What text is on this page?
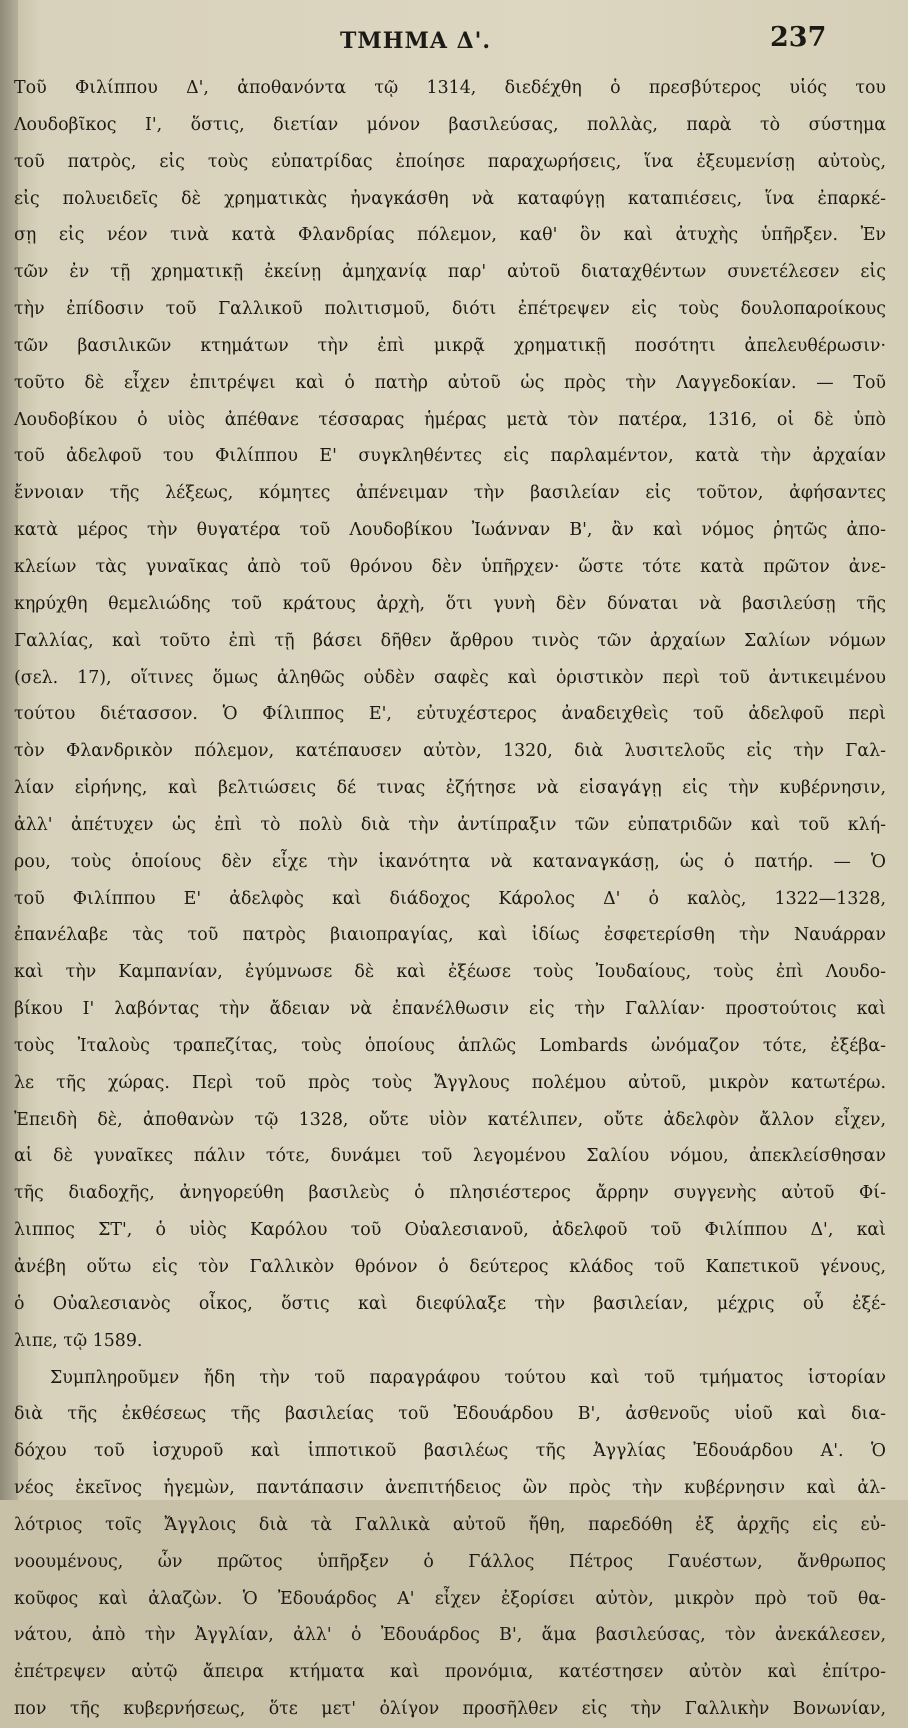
ΤΜΗΜΑ Δ'.	237
Τοῦ Φιλίππου Δ', ἀποθανόντα τῷ 1314, διεδέχθη ὁ πρεσβύτερος υἱός του
Λουδοβῖκος Ι', ὅστις, διετίαν μόνον βασιλεύσας, πολλὰς, παρὰ τὸ σύστημα
τοῦ πατρὸς, εἰς τοὺς εὐπατρίδας ἐποίησε παραχωρήσεις, ἵνα ἐξευμενίσῃ αὐτοὺς,
εἰς πολυειδεῖς δὲ χρηματικὰς ἠναγκάσθη νὰ καταφύγῃ καταπιέσεις, ἵνα ἐπαρκέ-
σῃ εἰς νέον τινὰ κατὰ Φλανδρίας πόλεμον, καθ' ὃν καὶ ἀτυχὴς ὑπῆρξεν. Ἐν
τῶν ἐν τῇ χρηματικῇ ἐκείνῃ ἀμηχανίᾳ παρ' αὐτοῦ διαταχθέντων συνετέλεσεν εἰς
τὴν ἐπίδοσιν τοῦ Γαλλικοῦ πολιτισμοῦ, διότι ἐπέτρεψεν εἰς τοὺς δουλοπαροίκους
τῶν βασιλικῶν κτημάτων τὴν ἐπὶ μικρᾷ χρηματικῇ ποσότητι ἀπελευθέρωσιν·
τοῦτο δὲ εἶχεν ἐπιτρέψει καὶ ὁ πατὴρ αὐτοῦ ὡς πρὸς τὴν Λαγγεδοκίαν. — Τοῦ
Λουδοβίκου ὁ υἱὸς ἀπέθανε τέσσαρας ἡμέρας μετὰ τὸν πατέρα, 1316, οἱ δὲ ὑπὸ
τοῦ ἀδελφοῦ του Φιλίππου Ε' συγκληθέντες εἰς παρλαμέντον, κατὰ τὴν ἀρχαίαν
ἔννοιαν τῆς λέξεως, κόμητες ἀπένειμαν τὴν βασιλείαν εἰς τοῦτον, ἀφήσαντες
κατὰ μέρος τὴν θυγατέρα τοῦ Λουδοβίκου Ἰωάνναν Β', ἂν καὶ νόμος ῥητῶς ἀπο-
κλείων τὰς γυναῖκας ἀπὸ τοῦ θρόνου δὲν ὑπῆρχεν· ὥστε τότε κατὰ πρῶτον ἀνε-
κηρύχθη θεμελιώδης τοῦ κράτους ἀρχὴ, ὅτι γυνὴ δὲν δύναται νὰ βασιλεύσῃ τῆς
Γαλλίας, καὶ τοῦτο ἐπὶ τῇ βάσει δῆθεν ἄρθρου τινὸς τῶν ἀρχαίων Σαλίων νόμων
(σελ. 17), οἵτινες ὅμως ἀληθῶς οὐδὲν σαφὲς καὶ ὁριστικὸν περὶ τοῦ ἀντικειμένου
τούτου διέτασσον. Ὁ Φίλιππος Ε', εὐτυχέστερος ἀναδειχθεὶς τοῦ ἀδελφοῦ περὶ
τὸν Φλανδρικὸν πόλεμον, κατέπαυσεν αὐτὸν, 1320, διὰ λυσιτελοῦς εἰς τὴν Γαλ-
λίαν εἰρήνης, καὶ βελτιώσεις δέ τινας ἐζήτησε νὰ εἰσαγάγῃ εἰς τὴν κυβέρνησιν,
ἀλλ' ἀπέτυχεν ὡς ἐπὶ τὸ πολὺ διὰ τὴν ἀντίπραξιν τῶν εὐπατριδῶν καὶ τοῦ κλή-
ρου, τοὺς ὁποίους δὲν εἶχε τὴν ἱκανότητα νὰ καταναγκάσῃ, ὡς ὁ πατήρ. — Ὁ
τοῦ Φιλίππου Ε' ἀδελφὸς καὶ διάδοχος Κάρολος Δ' ὁ καλὸς, 1322—1328,
ἐπανέλαβε τὰς τοῦ πατρὸς βιαιοπραγίας, καὶ ἰδίως ἐσφετερίσθη τὴν Ναυάρραν
καὶ τὴν Καμπανίαν, ἐγύμνωσε δὲ καὶ ἐξέωσε τοὺς Ἰουδαίους, τοὺς ἐπὶ Λουδο-
βίκου Ι' λαβόντας τὴν ἄδειαν νὰ ἐπανέλθωσιν εἰς τὴν Γαλλίαν· προστούτοις καὶ
τοὺς Ἰταλοὺς τραπεζίτας, τοὺς ὁποίους ἁπλῶς Lombards ὠνόμαζον τότε, ἐξέβα-
λε τῆς χώρας. Περὶ τοῦ πρὸς τοὺς Ἄγγλους πολέμου αὐτοῦ, μικρὸν κατωτέρω.
Ἐπειδὴ δὲ, ἀποθανὼν τῷ 1328, οὔτε υἱὸν κατέλιπεν, οὔτε ἀδελφὸν ἄλλον εἶχεν,
αἱ δὲ γυναῖκες πάλιν τότε, δυνάμει τοῦ λεγομένου Σαλίου νόμου, ἀπεκλείσθησαν
τῆς διαδοχῆς, ἀνηγορεύθη βασιλεὺς ὁ πλησιέστερος ἄρρην συγγενὴς αὐτοῦ Φί-
λιππος ΣΤ', ὁ υἱὸς Καρόλου τοῦ Οὐαλεσιανοῦ, ἀδελφοῦ τοῦ Φιλίππου Δ', καὶ
ἀνέβη οὕτω εἰς τὸν Γαλλικὸν θρόνον ὁ δεύτερος κλάδος τοῦ Καπετικοῦ γένους,
ὁ Οὐαλεσιανὸς οἶκος, ὅστις καὶ διεφύλαξε τὴν βασιλείαν, μέχρις οὗ ἐξέ-
λιπε, τῷ 1589.
Συμπληροῦμεν ἤδη τὴν τοῦ παραγράφου τούτου καὶ τοῦ τμήματος ἱστορίαν
διὰ τῆς ἐκθέσεως τῆς βασιλείας τοῦ Ἐδουάρδου Β', ἀσθενοῦς υἱοῦ καὶ δια-
δόχου τοῦ ἰσχυροῦ καὶ ἱπποτικοῦ βασιλέως τῆς Ἀγγλίας Ἐδουάρδου Α'. Ὁ
νέος ἐκεῖνος ἡγεμὼν, παντάπασιν ἀνεπιτήδειος ὢν πρὸς τὴν κυβέρνησιν καὶ ἀλ-
λότριος τοῖς Ἄγγλοις διὰ τὰ Γαλλικὰ αὐτοῦ ἤθη, παρεδόθη ἐξ ἀρχῆς εἰς εὐ-
νοουμένους, ὧν πρῶτος ὑπῆρξεν ὁ Γάλλος Πέτρος Γαυέστων, ἄνθρωπος
κοῦφος καὶ ἀλαζὼν. Ὁ Ἐδουάρδος Α' εἶχεν ἐξορίσει αὐτὸν, μικρὸν πρὸ τοῦ θα-
νάτου, ἀπὸ τὴν Ἀγγλίαν, ἀλλ' ὁ Ἐδουάρδος Β', ἅμα βασιλεύσας, τὸν ἀνεκάλεσεν,
ἐπέτρεψεν αὐτῷ ἄπειρα κτήματα καὶ προνόμια, κατέστησεν αὐτὸν καὶ ἐπίτρο-
πον τῆς κυβερνήσεως, ὅτε μετ' ὀλίγον προσῆλθεν εἰς τὴν Γαλλικὴν Βονωνίαν,
